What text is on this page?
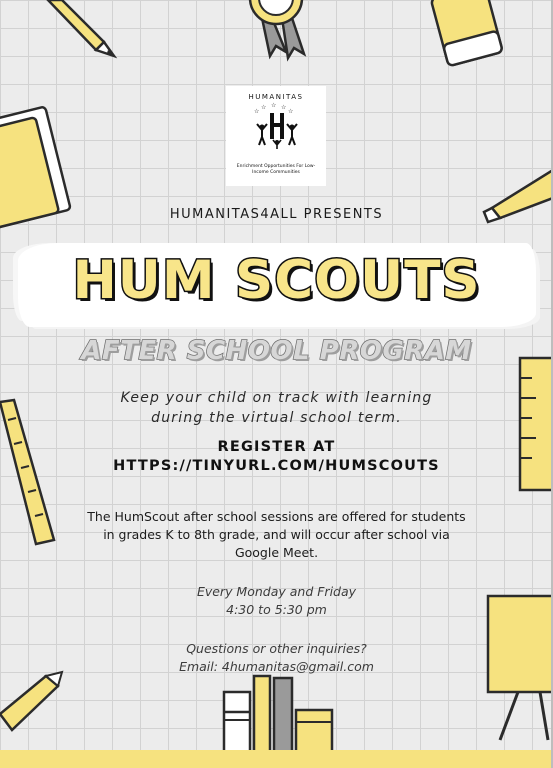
HUMANITAS
☆ ☆ ☆
☆	☆
Enrichment Opportunities For Low-Income Communities
HUMANITAS4ALL PRESENTS
HUM SCOUTS
AFTER SCHOOL PROGRAM
Keep your child on track with learning
during the virtual school term.
REGISTER AT
HTTPS://TINYURL.COM/HUMSCOUTS
The HumScout after school sessions are offered for students in grades K to 8th grade, and will occur after school via Google Meet.
Every Monday and Friday
4:30 to 5:30 pm
Questions or other inquiries?
Email: 4humanitas@gmail.com
